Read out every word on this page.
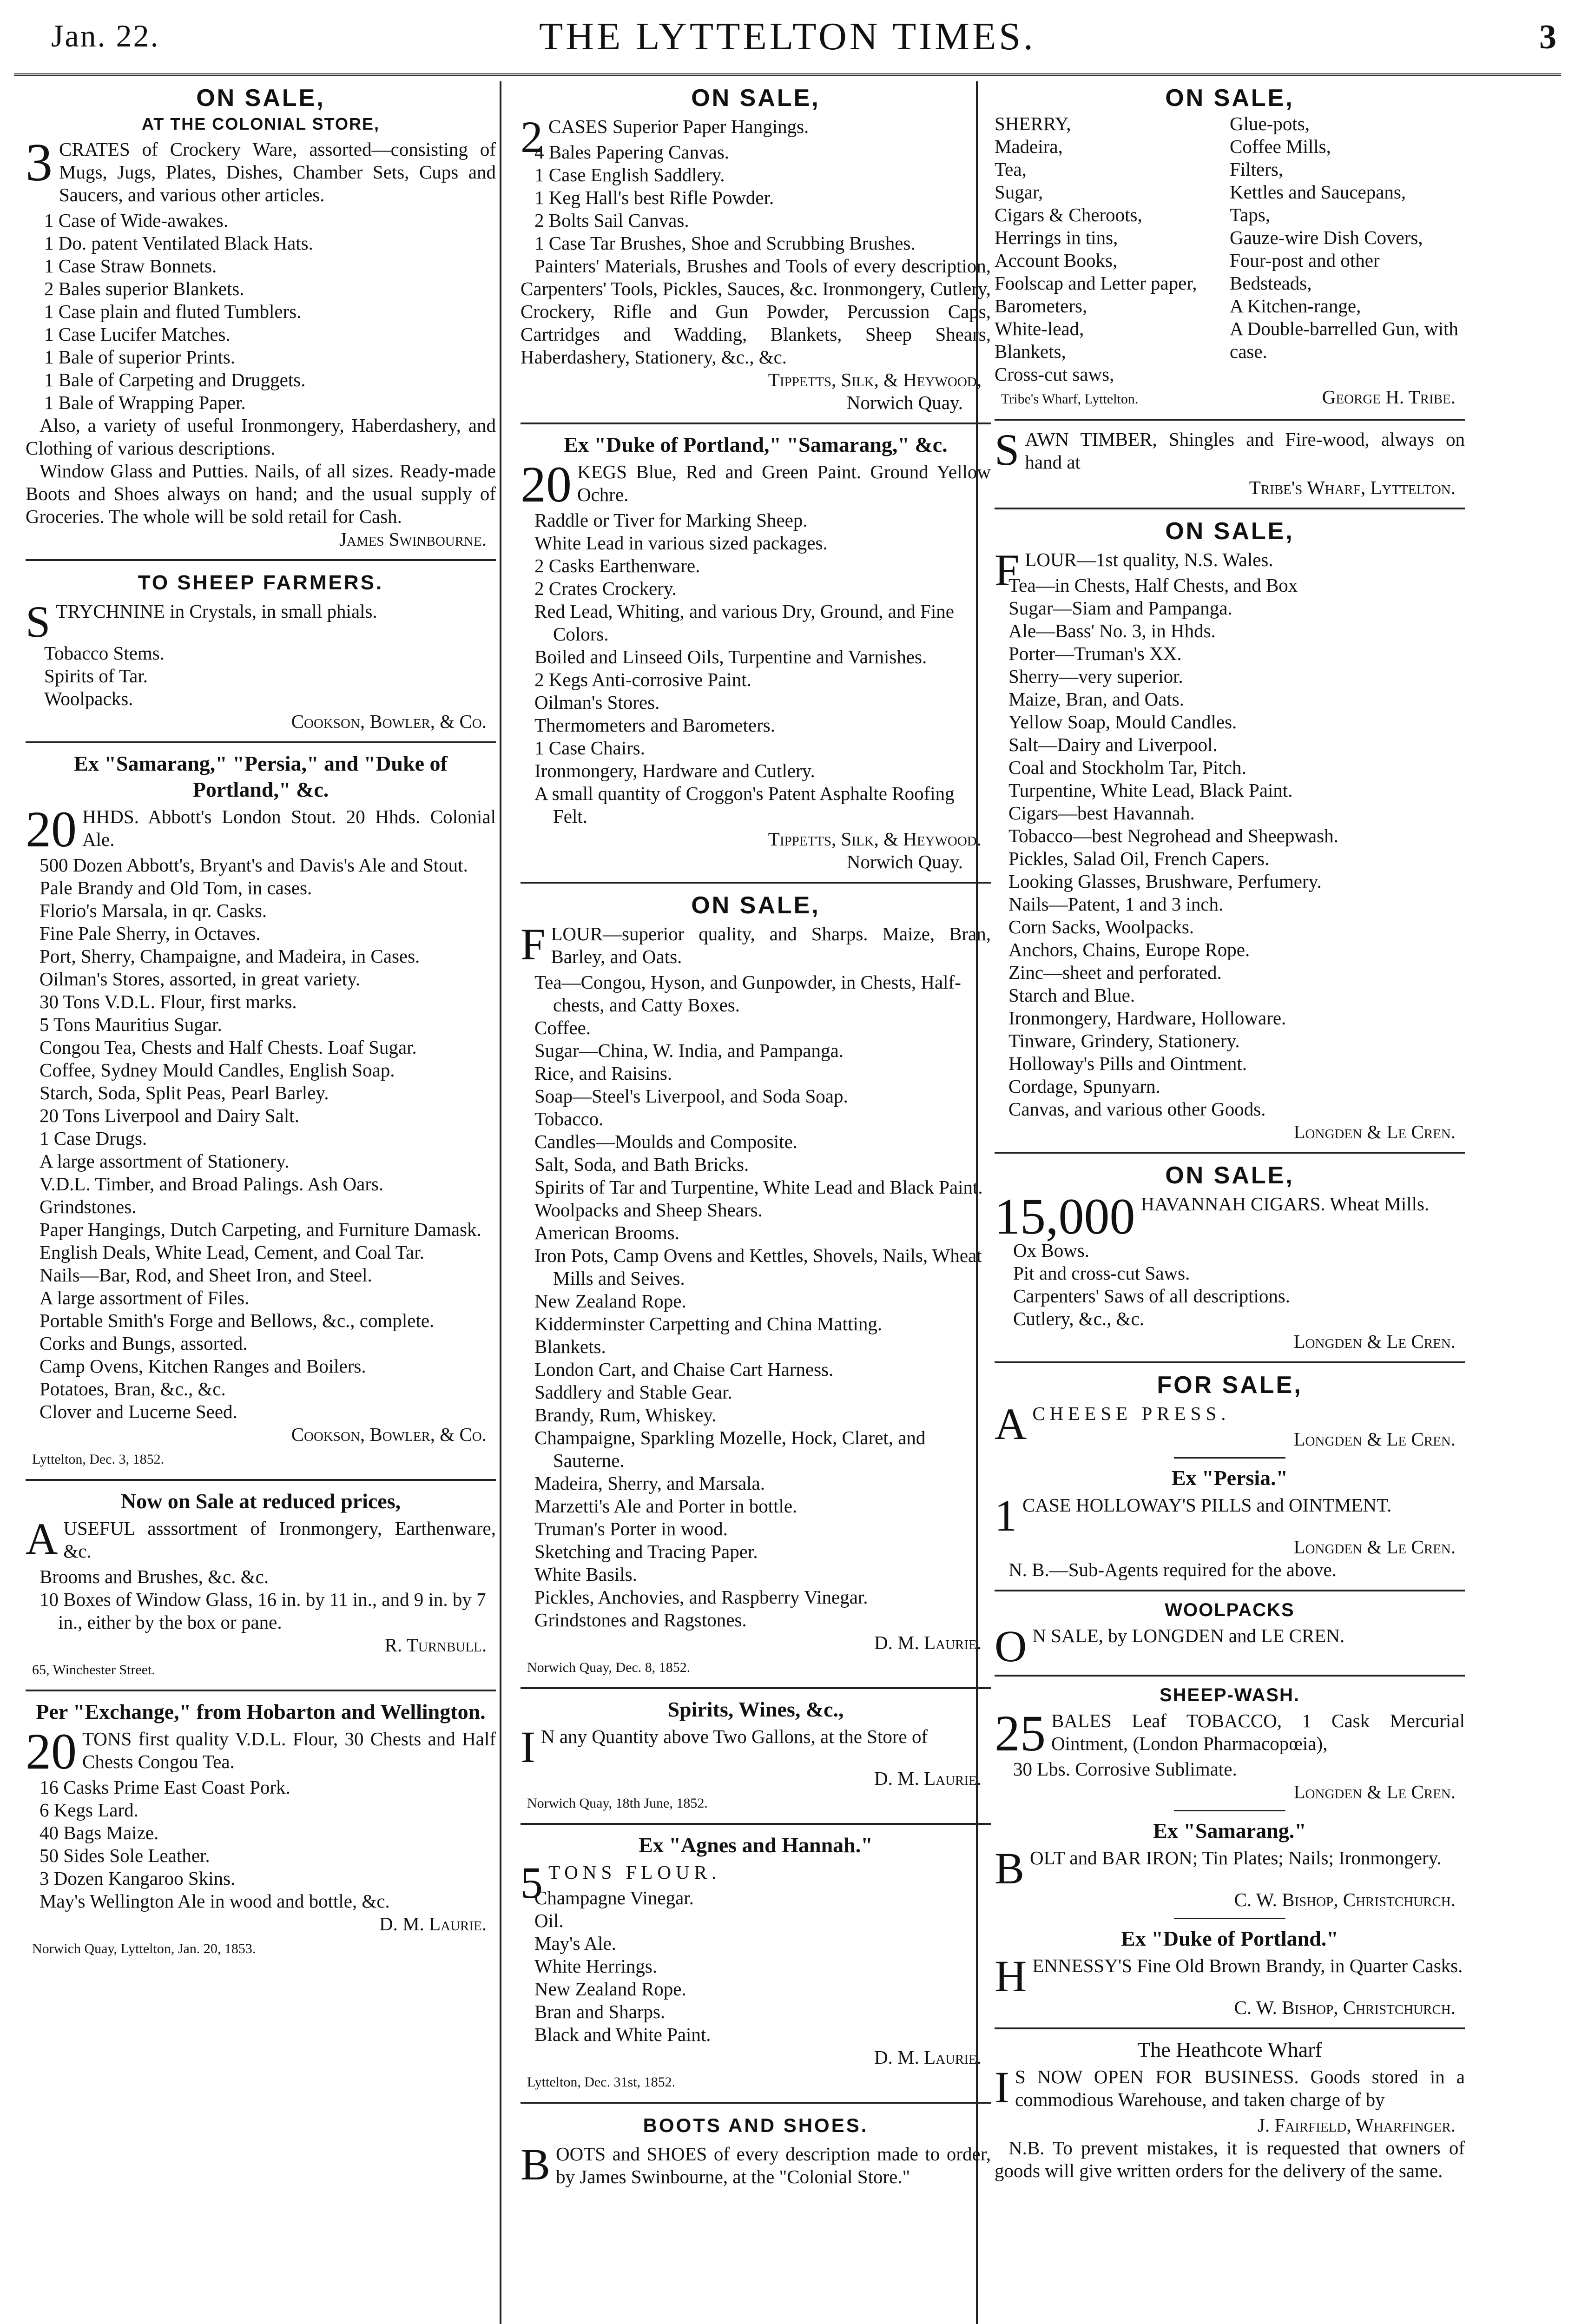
Jan. 22.	THE LYTTELTON TIMES.	3
ON SALE,
AT THE COLONIAL STORE,
3 CRATES of Crockery Ware, assorted—consisting of Mugs, Jugs, Plates, Dishes, Chamber Sets, Cups and Saucers, and various other articles.
1 Case of Wide-awakes.
1 Do. patent Ventilated Black Hats.
1 Case Straw Bonnets.
2 Bales superior Blankets.
1 Case plain and fluted Tumblers.
1 Case Lucifer Matches.
1 Bale of superior Prints.
1 Bale of Carpeting and Druggets.
1 Bale of Wrapping Paper.
Also, a variety of useful Ironmongery, Haberdashery, and Clothing of various descriptions.
Window Glass and Putties. Nails, of all sizes. Ready-made Boots and Shoes always on hand; and the usual supply of Groceries. The whole will be sold retail for Cash.
James Swinbourne.
TO SHEEP FARMERS.
STRYCHNINE in Crystals, in small phials.
Tobacco Stems.
Spirits of Tar.
Woolpacks.
Cookson, Bowler, & Co.
Ex "Samarang," "Persia," and "Duke of Portland," &c.
20 HHDS. Abbott's London Stout. 20 Hhds. Colonial Ale.
500 Dozen Abbott's, Bryant's and Davis's Ale and Stout.
Pale Brandy and Old Tom, in cases.
Florio's Marsala, in qr. Casks.
Fine Pale Sherry, in Octaves.
Port, Sherry, Champaigne, and Madeira, in Cases.
Oilman's Stores, assorted, in great variety.
30 Tons V.D.L. Flour, first marks.
5 Tons Mauritius Sugar.
Congou Tea, Chests and Half Chests. Loaf Sugar.
Coffee, Sydney Mould Candles, English Soap.
Starch, Soda, Split Peas, Pearl Barley.
20 Tons Liverpool and Dairy Salt.
1 Case Drugs.
A large assortment of Stationery.
V.D.L. Timber, and Broad Palings. Ash Oars.
Grindstones.
Paper Hangings, Dutch Carpeting, and Furniture Damask.
English Deals, White Lead, Cement, and Coal Tar.
Nails—Bar, Rod, and Sheet Iron, and Steel.
A large assortment of Files.
Portable Smith's Forge and Bellows, &c., complete.
Corks and Bungs, assorted.
Camp Ovens, Kitchen Ranges and Boilers.
Potatoes, Bran, &c., &c.
Clover and Lucerne Seed.
Cookson, Bowler, & Co.
Lyttelton, Dec. 3, 1852.
Now on Sale at reduced prices,
AUSEFUL asssortment of Ironmongery, Earthenware, &c.
Brooms and Brushes, &c. &c.
10 Boxes of Window Glass, 16 in. by 11 in., and 9 in. by 7 in., either by the box or pane.
R. Turnbull.
65, Winchester Street.
Per "Exchange," from Hobarton and Wellington.
20 TONS first quality V.D.L. Flour, 30 Chests and Half Chests Congou Tea.
16 Casks Prime East Coast Pork.
6 Kegs Lard.
40 Bags Maize.
50 Sides Sole Leather.
3 Dozen Kangaroo Skins.
May's Wellington Ale in wood and bottle, &c.
D. M. Laurie.
Norwich Quay, Lyttelton, Jan. 20, 1853.
ON SALE,
2 CASES Superior Paper Hangings.
4 Bales Papering Canvas.
1 Case English Saddlery.
1 Keg Hall's best Rifle Powder.
2 Bolts Sail Canvas.
1 Case Tar Brushes, Shoe and Scrubbing Brushes.
Painters' Materials, Brushes and Tools of every description, Carpenters' Tools, Pickles, Sauces, &c. Ironmongery, Cutlery, Crockery, Rifle and Gun Powder, Percussion Caps, Cartridges and Wadding, Blankets, Sheep Shears, Haberdashery, Stationery, &c., &c.
Tippetts, Silk, & Heywood,
Norwich Quay.
Ex "Duke of Portland," "Samarang," &c.
20 KEGS Blue, Red and Green Paint. Ground Yellow Ochre.
Raddle or Tiver for Marking Sheep.
White Lead in various sized packages.
2 Casks Earthenware.
2 Crates Crockery.
Red Lead, Whiting, and various Dry, Ground, and Fine Colors.
Boiled and Linseed Oils, Turpentine and Varnishes.
2 Kegs Anti-corrosive Paint.
Oilman's Stores.
Thermometers and Barometers.
1 Case Chairs.
Ironmongery, Hardware and Cutlery.
A small quantity of Croggon's Patent Asphalte Roofing Felt.
Tippetts, Silk, & Heywood.
Norwich Quay.
ON SALE,
FLOUR—superior quality, and Sharps. Maize, Bran, Barley, and Oats.
Tea—Congou, Hyson, and Gunpowder, in Chests, Half-chests, and Catty Boxes.
Coffee.
Sugar—China, W. India, and Pampanga.
Rice, and Raisins.
Soap—Steel's Liverpool, and Soda Soap.
Tobacco.
Candles—Moulds and Composite.
Salt, Soda, and Bath Bricks.
Spirits of Tar and Turpentine, White Lead and Black Paint.
Woolpacks and Sheep Shears.
American Brooms.
Iron Pots, Camp Ovens and Kettles, Shovels, Nails, Wheat Mills and Seives.
New Zealand Rope.
Kidderminster Carpetting and China Matting.
Blankets.
London Cart, and Chaise Cart Harness.
Saddlery and Stable Gear.
Brandy, Rum, Whiskey.
Champaigne, Sparkling Mozelle, Hock, Claret, and Sauterne.
Madeira, Sherry, and Marsala.
Marzetti's Ale and Porter in bottle.
Truman's Porter in wood.
Sketching and Tracing Paper.
White Basils.
Pickles, Anchovies, and Raspberry Vinegar.
Grindstones and Ragstones.
D. M. Laurie.
Norwich Quay, Dec. 8, 1852.
Spirits, Wines, &c.,
I N any Quantity above Two Gallons, at the Store of
D. M. Laurie.
Norwich Quay, 18th June, 1852.
Ex "Agnes and Hannah."
5 TONS FLOUR.
Champagne Vinegar.
Oil.
May's Ale.
White Herrings.
New Zealand Rope.
Bran and Sharps.
Black and White Paint.
D. M. Laurie.
Lyttelton, Dec. 31st, 1852.
BOOTS AND SHOES.
BOOTS and SHOES of every description made to order, by James Swinbourne, at the "Colonial Store."
ON SALE,
S HERRY,
Madeira,
Tea,
Sugar,
Cigars & Cheroots,
Herrings in tins,
Account Books,
Foolscap and Letter paper,
Barometers,
White-lead,
Blankets,
Cross-cut saws,
Glue-pots,
Coffee Mills,
Filters,
Kettles and Saucepans,
Taps,
Gauze-wire Dish Covers,
Four-post and other Bedsteads,
A Kitchen-range,
A Double-barrelled Gun, with case.
Tribe's Wharf, Lyttelton.	George H. Tribe.
SAWN TIMBER, Shingles and Fire-wood, always on hand at
Tribe's Wharf, Lyttelton.
ON SALE,
FLOUR—1st quality, N.S. Wales.
Tea—in Chests, Half Chests, and Box
Sugar—Siam and Pampanga.
Ale—Bass' No. 3, in Hhds.
Porter—Truman's XX.
Sherry—very superior.
Maize, Bran, and Oats.
Yellow Soap, Mould Candles.
Salt—Dairy and Liverpool.
Coal and Stockholm Tar, Pitch.
Turpentine, White Lead, Black Paint.
Cigars—best Havannah.
Tobacco—best Negrohead and Sheepwash.
Pickles, Salad Oil, French Capers.
Looking Glasses, Brushware, Perfumery.
Nails—Patent, 1 and 3 inch.
Corn Sacks, Woolpacks.
Anchors, Chains, Europe Rope.
Zinc—sheet and perforated.
Starch and Blue.
Ironmongery, Hardware, Holloware.
Tinware, Grindery, Stationery.
Holloway's Pills and Ointment.
Cordage, Spunyarn.
Canvas, and various other Goods.
Longden & Le Cren.
ON SALE,
15,000 HAVANNAH CIGARS. Wheat Mills.
Ox Bows.
Pit and cross-cut Saws.
Carpenters' Saws of all descriptions.
Cutlery, &c., &c.
Longden & Le Cren.
FOR SALE,
ACHEESE PRESS.
Longden & Le Cren.
Ex "Persia."
1 CASE HOLLOWAY'S PILLS and OINTMENT.
Longden & Le Cren.
N. B.—Sub-Agents required for the above.
WOOLPACKS
O N SALE, by LONGDEN and LE CREN.
SHEEP-WASH.
25 BALES Leaf TOBACCO, 1 Cask Mercurial Ointment, (London Pharmacopœia),
30 Lbs. Corrosive Sublimate.
Longden & Le Cren.
Ex "Samarang."
BOLT and BAR IRON; Tin Plates; Nails; Ironmongery.
C. W. Bishop, Christchurch.
Ex "Duke of Portland."
HENNESSY'S Fine Old Brown Brandy, in Quarter Casks.
C. W. Bishop, Christchurch.
The Heathcote Wharf
I S NOW OPEN FOR BUSINESS. Goods stored in a commodious Warehouse, and taken charge of by
J. Fairfield, Wharfinger.
N.B. To prevent mistakes, it is requested that owners of goods will give written orders for the delivery of the same.
